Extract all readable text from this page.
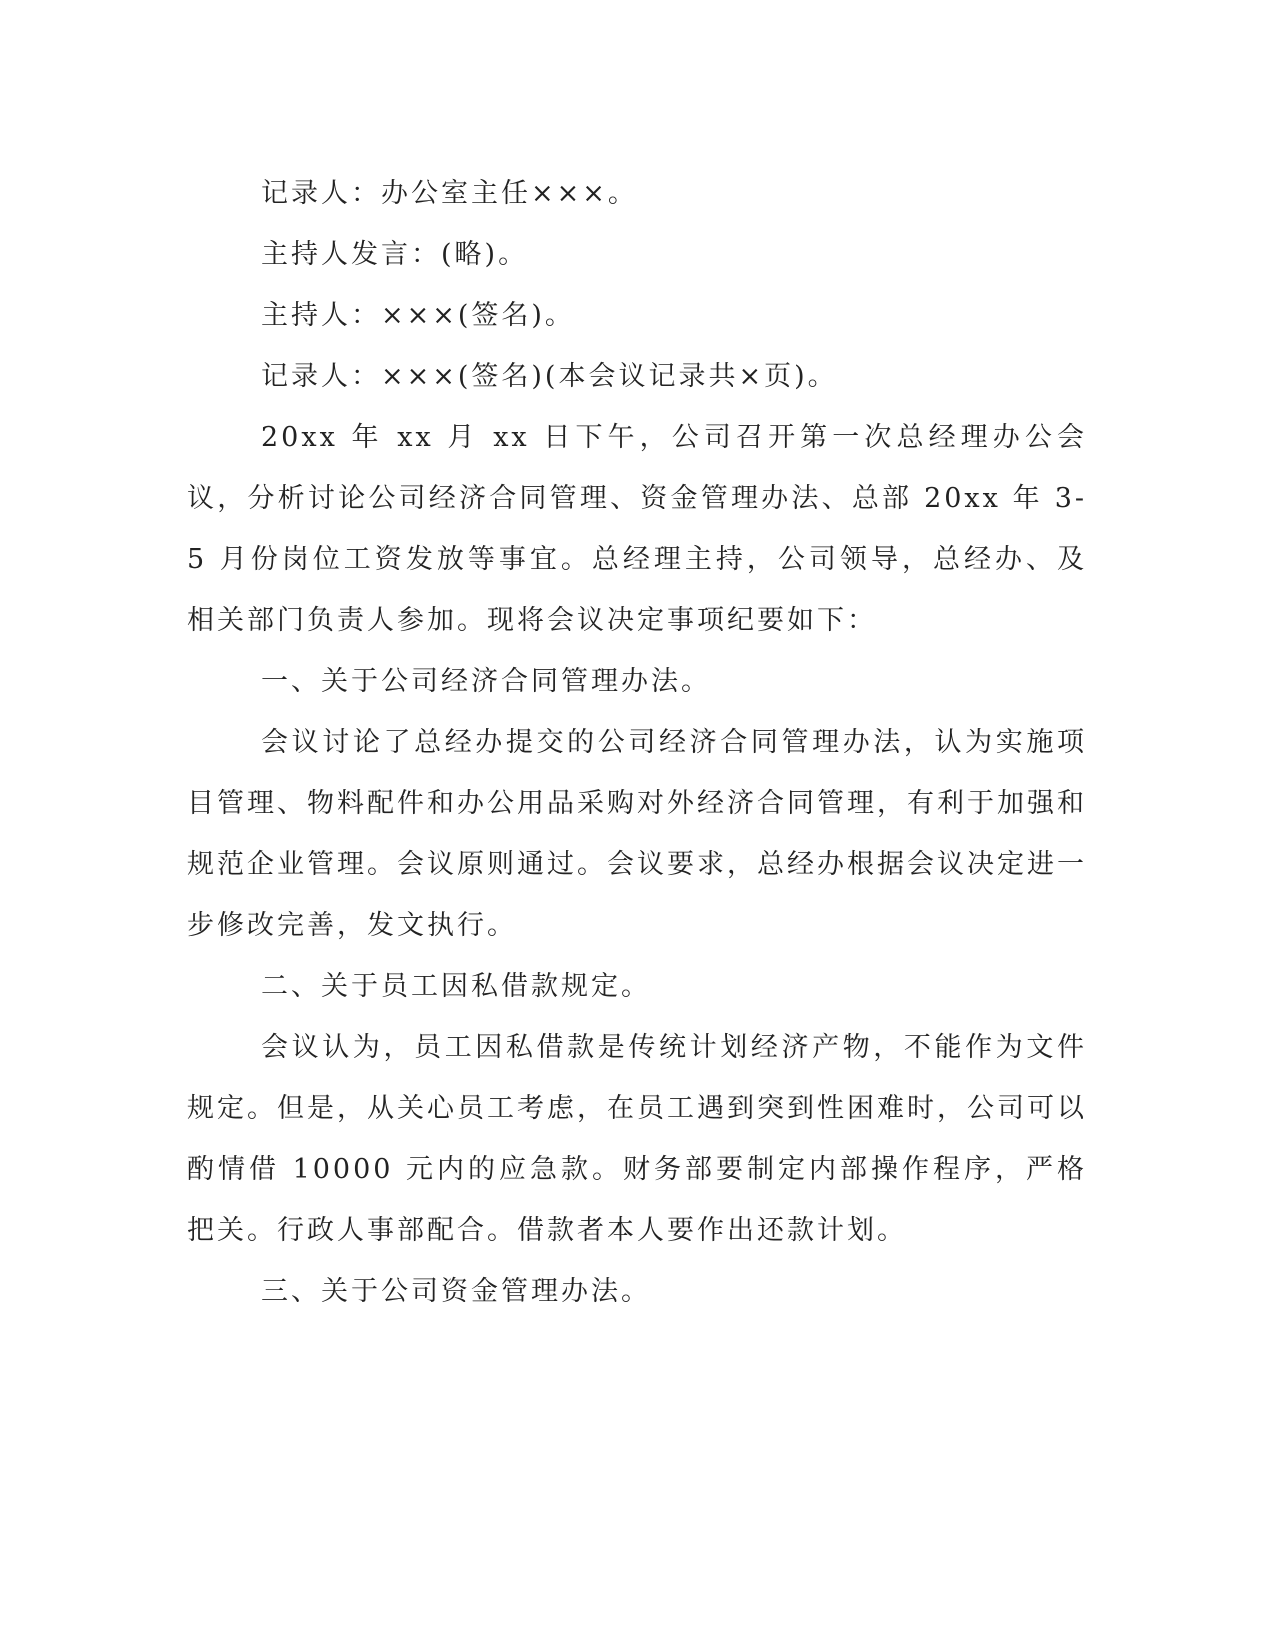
记录人：办公室主任×××。

主持人发言：(略)。

主持人：×××(签名)。

记录人：×××(签名)(本会议记录共×页)。

20xx 年 xx 月 xx 日下午，公司召开第一次总经理办公会议，分析讨论公司经济合同管理、资金管理办法、总部 20xx 年 3-5 月份岗位工资发放等事宜。总经理主持，公司领导，总经办、及相关部门负责人参加。现将会议决定事项纪要如下：

一、关于公司经济合同管理办法。

会议讨论了总经办提交的公司经济合同管理办法，认为实施项目管理、物料配件和办公用品采购对外经济合同管理，有利于加强和规范企业管理。会议原则通过。会议要求，总经办根据会议决定进一步修改完善，发文执行。

二、关于员工因私借款规定。

会议认为，员工因私借款是传统计划经济产物，不能作为文件规定。但是，从关心员工考虑，在员工遇到突到性困难时，公司可以酌情借 10000 元内的应急款。财务部要制定内部操作程序，严格把关。行政人事部配合。借款者本人要作出还款计划。

三、关于公司资金管理办法。
